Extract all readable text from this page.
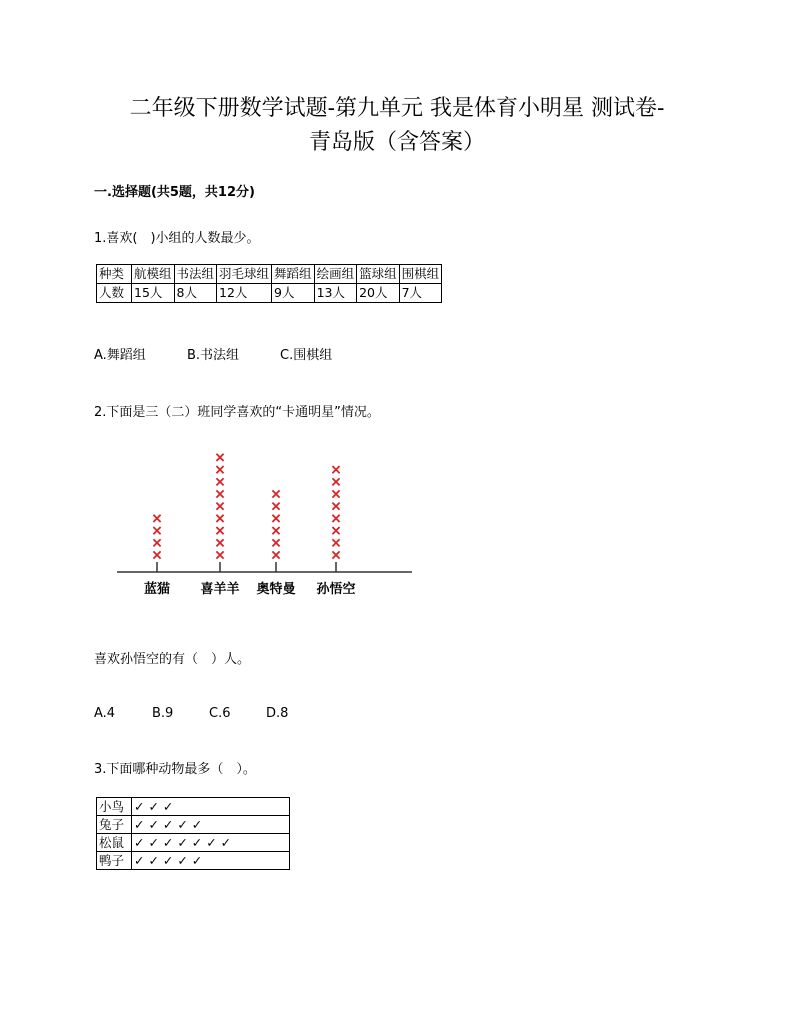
二年级下册数学试题-第九单元 我是体育小明星 测试卷-
青岛版（含答案）
一.选择题(共5题，共12分)
1.喜欢(　)小组的人数最少。
种类	航模组	书法组	羽毛球组	舞蹈组	绘画组	篮球组	围棋组
人数	15人	8人	12人	9人	13人	20人	7人
A.舞蹈组	B.书法组	C.围棋组
2.下面是三（二）班同学喜欢的“卡通明星”情况。
蓝猫 喜羊羊 奥特曼 孙悟空
喜欢孙悟空的有（　）人。
A.4	B.9	C.6	D.8
3.下面哪种动物最多（　）。
小鸟	✓ ✓ ✓
兔子	✓ ✓ ✓ ✓ ✓
松鼠	✓ ✓ ✓ ✓ ✓ ✓ ✓
鸭子	✓ ✓ ✓ ✓ ✓
